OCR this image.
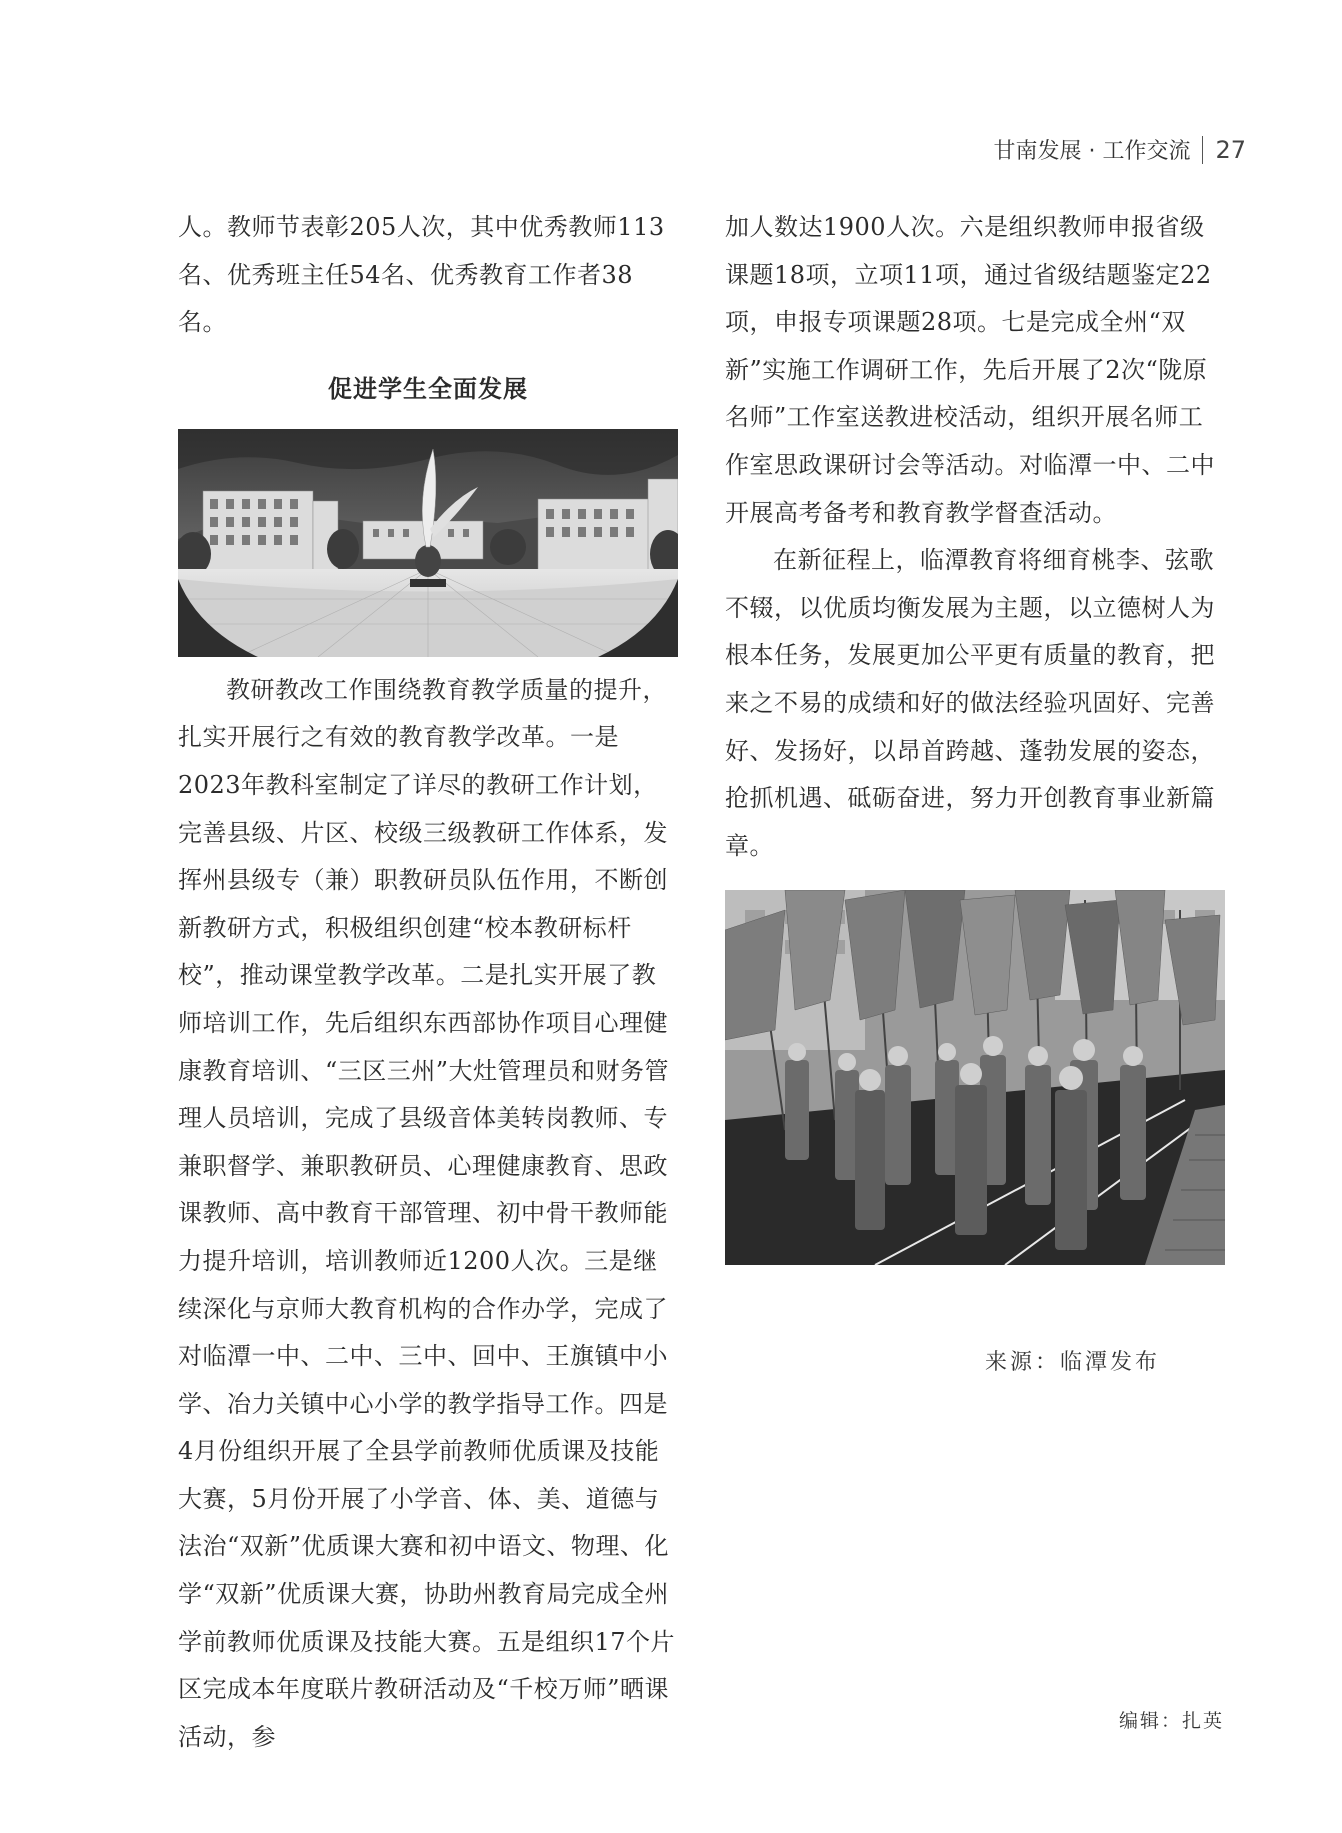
甘南发展 · 工作交流 27

人。教师节表彰205人次，其中优秀教师113

名、优秀班主任54名、优秀教育工作者38名。

促进学生全面发展

教研教改工作围绕教育教学质量的提升，扎实开展行之有效的教育教学改革。一是2023年教科室制定了详尽的教研工作计划，完善县级、片区、校级三级教研工作体系，发挥州县级专（兼）职教研员队伍作用，不断创新教研方式，积极组织创建“校本教研标杆校”，推动课堂教学改革。二是扎实开展了教师培训工作，先后组织东西部协作项目心理健康教育培训、“三区三州”大灶管理员和财务管理人员培训，完成了县级音体美转岗教师、专兼职督学、兼职教研员、心理健康教育、思政课教师、高中教育干部管理、初中骨干教师能力提升培训，培训教师近1200人次。三是继续深化与京师大教育机构的合作办学，完成了对临潭一中、二中、三中、回中、王旗镇中小学、冶力关镇中心小学的教学指导工作。四是4月份组织开展了全县学前教师优质课及技能大赛，5月份开展了小学音、体、美、道德与法治“双新”优质课大赛和初中语文、物理、化学“双新”优质课大赛，协助州教育局完成全州学前教师优质课及技能大赛。五是组织17个片区完成本年度联片教研活动及“千校万师”晒课活动，参

加人数达1900人次。六是组织教师申报省级课题18项，立项11项，通过省级结题鉴定22项，申报专项课题28项。七是完成全州“双新”实施工作调研工作，先后开展了2次“陇原名师”工作室送教进校活动，组织开展名师工作室思政课研讨会等活动。对临潭一中、二中开展高考备考和教育教学督查活动。

在新征程上，临潭教育将细育桃李、弦歌不辍，以优质均衡发展为主题，以立德树人为根本任务，发展更加公平更有质量的教育，把来之不易的成绩和好的做法经验巩固好、完善好、发扬好，以昂首跨越、蓬勃发展的姿态，抢抓机遇、砥砺奋进，努力开创教育事业新篇章。

来源：临潭发布
编辑：扎英
